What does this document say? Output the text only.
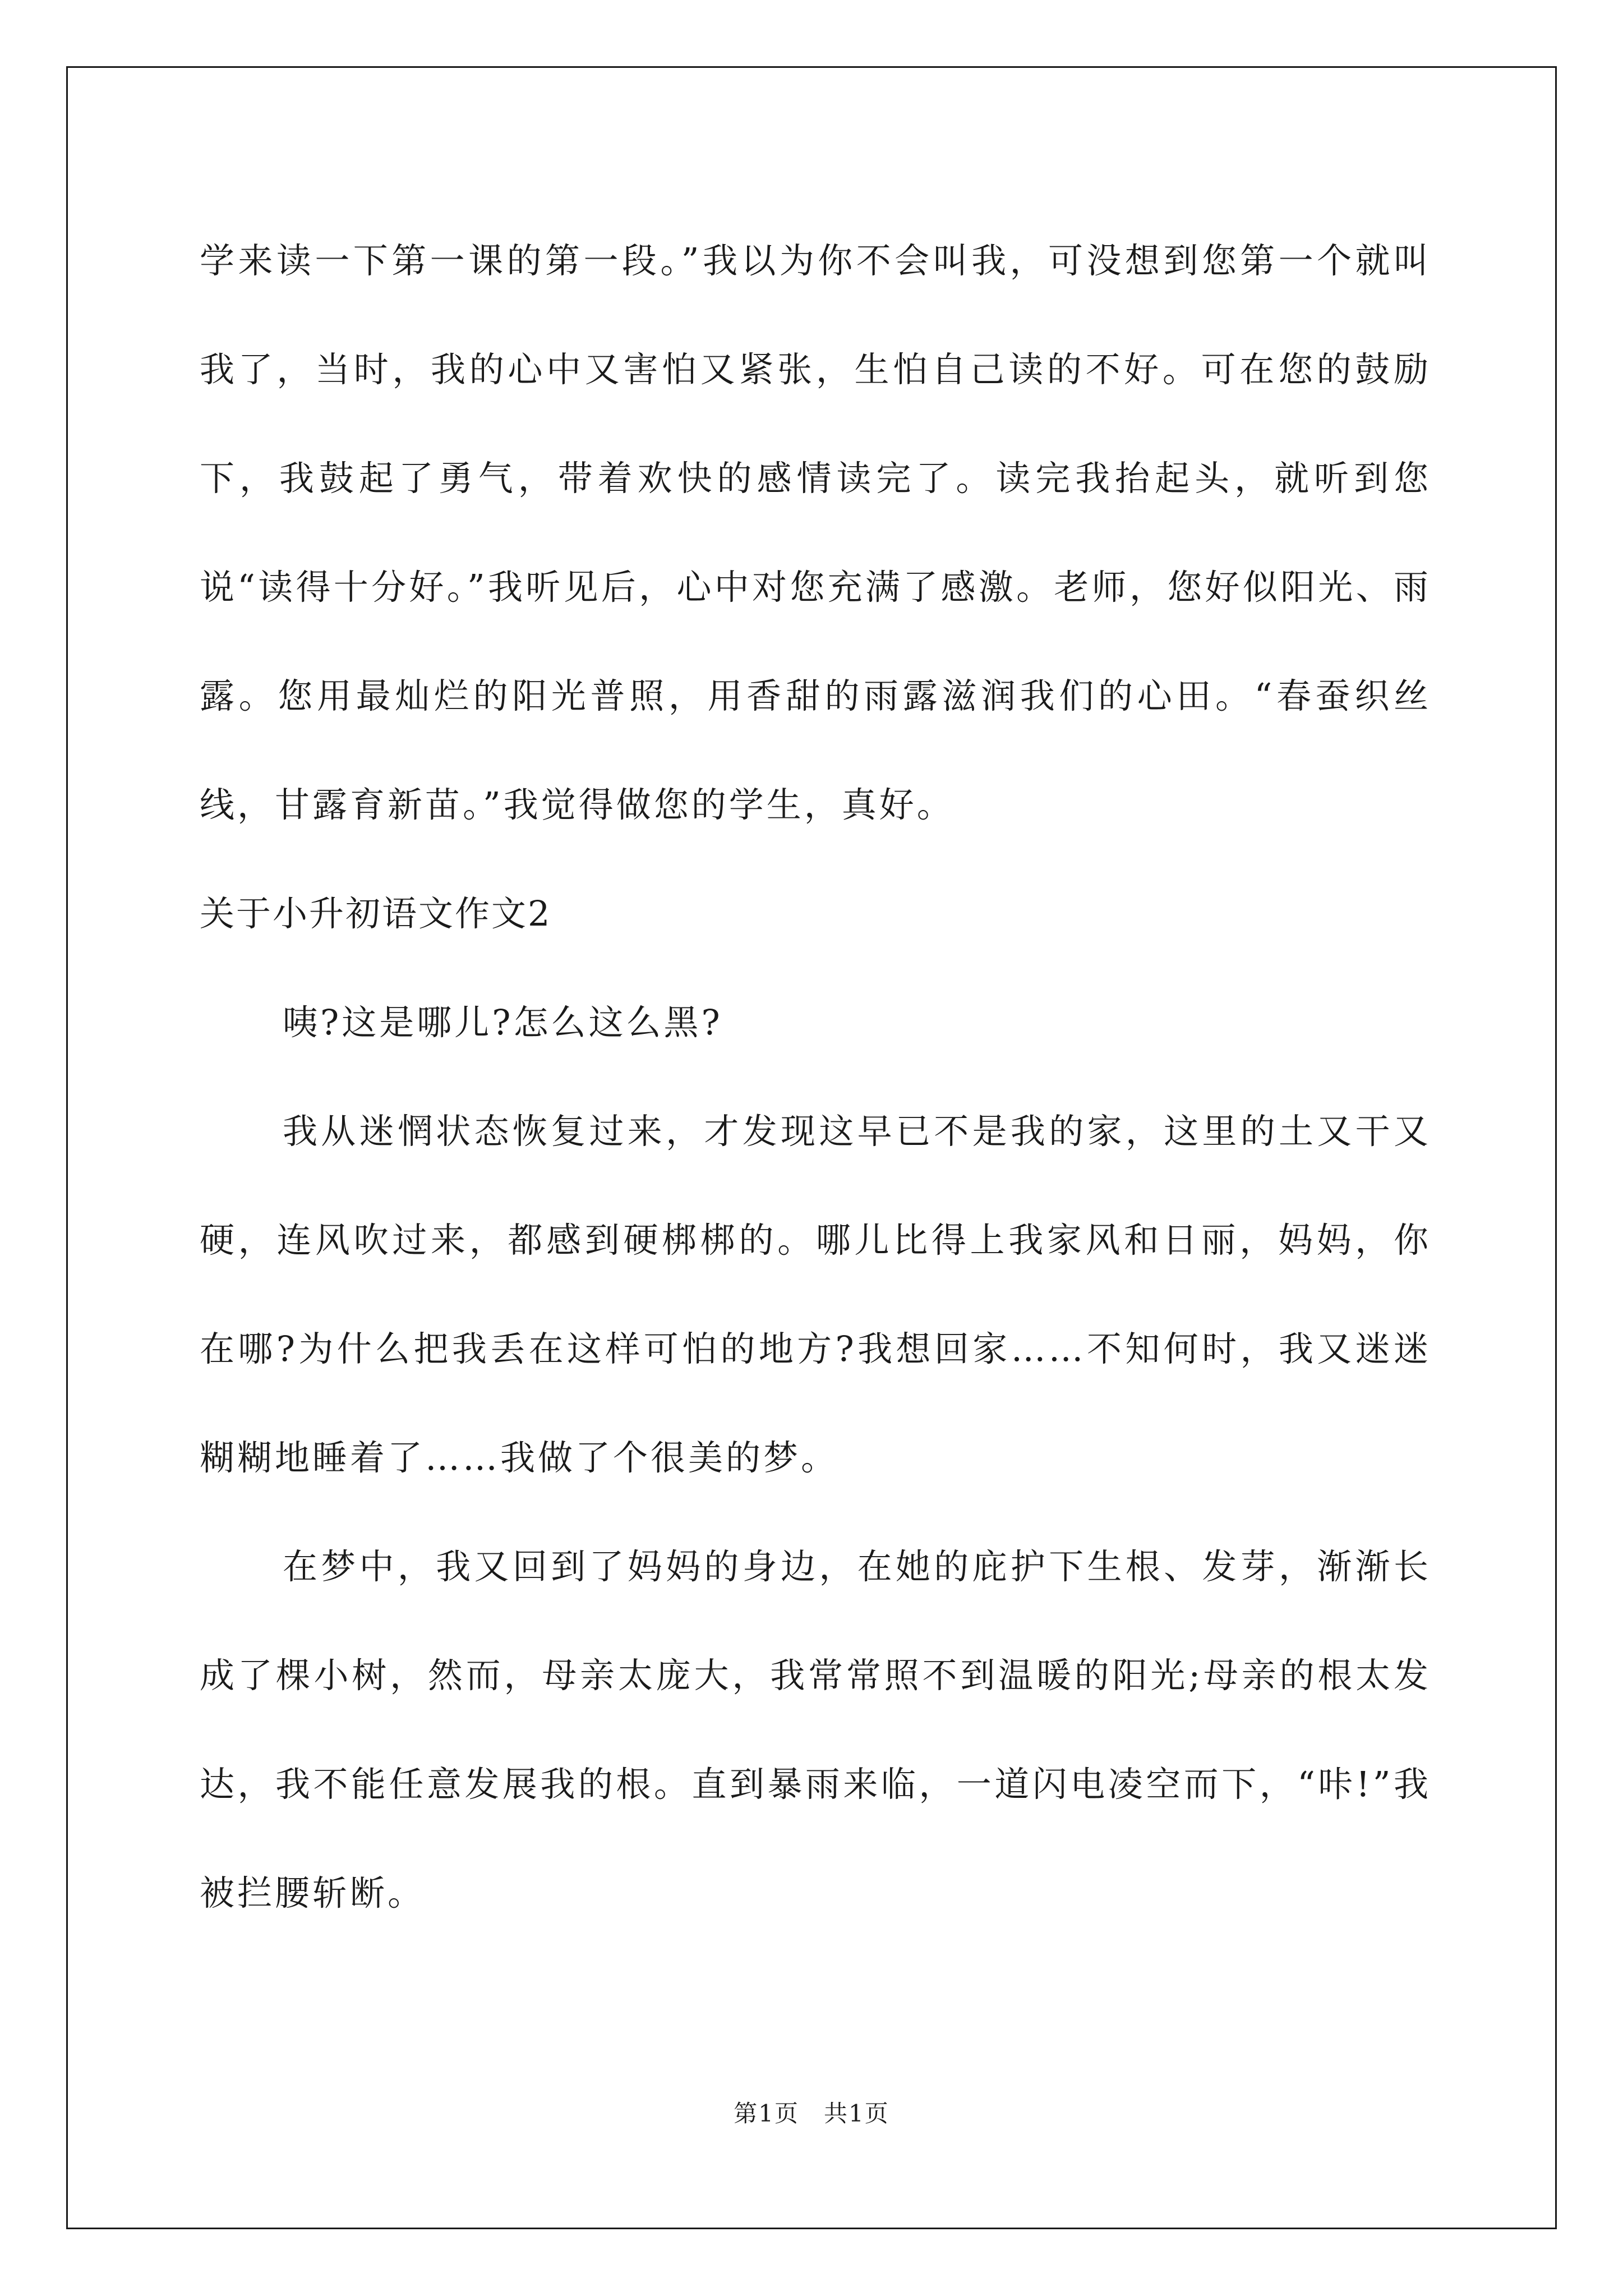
学来读一下第一课的第一段。”我以为你不会叫我，可没想到您第一个就叫我了，当时，我的心中又害怕又紧张，生怕自己读的不好。可在您的鼓励下，我鼓起了勇气，带着欢快的感情读完了。读完我抬起头，就听到您说“读得十分好。”我听见后，心中对您充满了感激。老师，您好似阳光、雨露。您用最灿烂的阳光普照，用香甜的雨露滋润我们的心田。“春蚕织丝线，甘露育新苗。”我觉得做您的学生，真好。

关于小升初语文作文2

咦?这是哪儿?怎么这么黑?

我从迷惘状态恢复过来，才发现这早已不是我的家，这里的土又干又硬，连风吹过来，都感到硬梆梆的。哪儿比得上我家风和日丽，妈妈，你在哪?为什么把我丢在这样可怕的地方?我想回家……不知何时，我又迷迷糊糊地睡着了……我做了个很美的梦。

在梦中，我又回到了妈妈的身边，在她的庇护下生根、发芽，渐渐长成了棵小树，然而，母亲太庞大，我常常照不到温暖的阳光;母亲的根太发达，我不能任意发展我的根。直到暴雨来临，一道闪电凌空而下，“咔!”我被拦腰斩断。

第1页　共1页
